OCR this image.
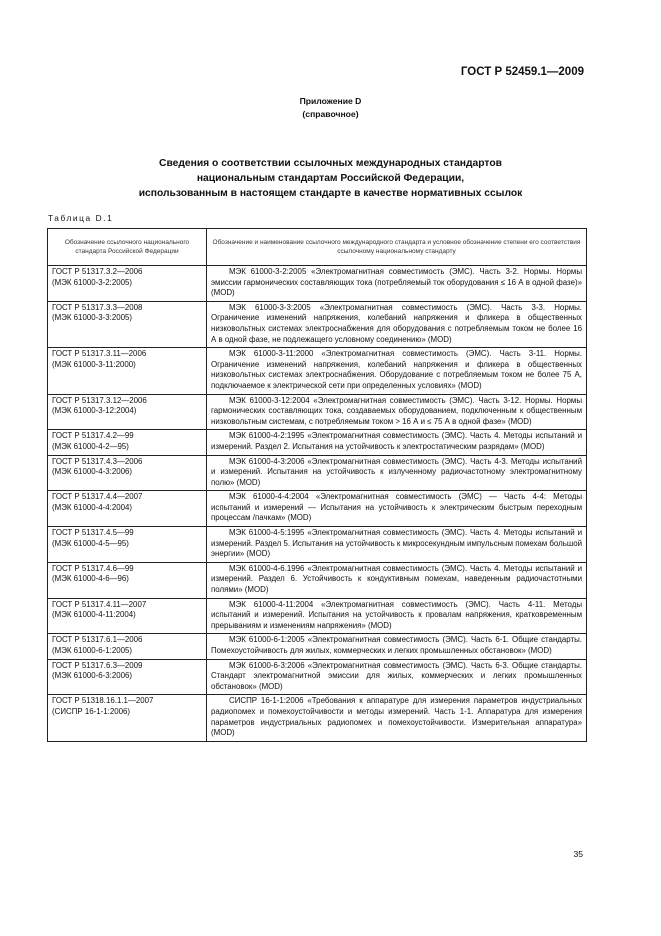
ГОСТ Р 52459.1—2009
Приложение D
(справочное)
Сведения о соответствии ссылочных международных стандартов
национальным стандартам Российской Федерации,
использованным в настоящем стандарте в качестве нормативных ссылок
Таблица D.1
Обозначение ссылочного национального стандарта Российской Федерации	Обозначение и наименование ссылочного международного стандарта и условное обозначение степени его соответствия ссылочному национальному стандарту

ГОСТ Р 51317.3.2—2006
(МЭК 61000-3-2:2005)	МЭК 61000-3-2:2005 «Электромагнитная совместимость (ЭМС). Часть 3-2. Нормы. Нормы эмиссии гармонических составляющих тока (потребляемый ток оборудования ≤ 16 А в одной фазе)» (MOD)

ГОСТ Р 51317.3.3—2008
(МЭК 61000-3-3:2005)	МЭК 61000-3-3:2005 «Электромагнитная совместимость (ЭМС). Часть 3-3. Нормы. Ограничение изменений напряжения, колебаний напряжения и фликера в общественных низковольтных системах электроснабжения для оборудования с потребляемым током не более 16 А в одной фазе, не подлежащего условному соединению» (MOD)

ГОСТ Р 51317.3.11—2006
(МЭК 61000-3-11:2000)	МЭК 61000-3-11:2000 «Электромагнитная совместимость (ЭМС). Часть 3-11. Нормы. Ограничение изменений напряжения, колебаний напряжения и фликера в общественных низковольтных системах электроснабжения. Оборудование с потребляемым током не более 75 А, подключаемое к электрической сети при определенных условиях» (MOD)

ГОСТ Р 51317.3.12—2006
(МЭК 61000-3-12:2004)	МЭК 61000-3-12:2004 «Электромагнитная совместимость (ЭМС). Часть 3-12. Нормы. Нормы гармонических составляющих тока, создаваемых оборудованием, подключенным к общественным низковольтным системам, с потребляемым током > 16 А и ≤ 75 А в одной фазе» (MOD)

ГОСТ Р 51317.4.2—99
(МЭК 61000-4-2—95)	МЭК 61000-4-2:1995 «Электромагнитная совместимость (ЭМС). Часть 4. Методы испытаний и измерений. Раздел 2. Испытания на устойчивость к электростатическим разрядам» (MOD)

ГОСТ Р 51317.4.3—2006
(МЭК 61000-4-3:2006)	МЭК 61000-4-3:2006 «Электромагнитная совместимость (ЭМС). Часть 4-3. Методы испытаний и измерений. Испытания на устойчивость к излученному радиочастотному электромагнитному полю» (MOD)

ГОСТ Р 51317.4.4—2007
(МЭК 61000-4-4:2004)	МЭК 61000-4-4:2004 «Электромагнитная совместимость (ЭМС) — Часть 4-4: Методы испытаний и измерений — Испытания на устойчивость к электрическим быстрым переходным процессам /пачкам» (MOD)

ГОСТ Р 51317.4.5—99
(МЭК 61000-4-5—95)	МЭК 61000-4-5:1995 «Электромагнитная совместимость (ЭМС). Часть 4. Методы испытаний и измерений. Раздел 5. Испытания на устойчивость к микросекундным импульсным помехам большой энергии» (MOD)

ГОСТ Р 51317.4.6—99
(МЭК 61000-4-6—96)	МЭК 61000-4-6.1996 «Электромагнитная совместимость (ЭМС). Часть 4. Методы испытаний и измерений. Раздел 6. Устойчивость к кондуктивным помехам, наведенным радиочастотными полями» (MOD)

ГОСТ Р 51317.4.11—2007
(МЭК 61000-4-11:2004)	МЭК 61000-4-11:2004 «Электромагнитная совместимость (ЭМС). Часть 4-11. Методы испытаний и измерений. Испытания на устойчивость к провалам напряжения, кратковременным прерываниям и изменениям напряжения» (MOD)

ГОСТ Р 51317.6.1—2006
(МЭК 61000-6-1:2005)	МЭК 61000-6-1:2005 «Электромагнитная совместимость (ЭМС). Часть 6-1. Общие стандарты. Помехоустойчивость для жилых, коммерческих и легких промышленных обстановок» (MOD)

ГОСТ Р 51317.6.3—2009
(МЭК 61000-6-3:2006)	МЭК 61000-6-3:2006 «Электромагнитная совместимость (ЭМС). Часть 6-3. Общие стандарты. Стандарт электромагнитной эмиссии для жилых, коммерческих и легких промышленных обстановок» (MOD)

ГОСТ Р 51318.16.1.1—2007
(СИСПР 16-1-1:2006)	СИСПР 16-1-1:2006 «Требования к аппаратуре для измерения параметров индустриальных радиопомех и помехоустойчивости и методы измерений. Часть 1-1. Аппаратура для измерения параметров индустриальных радиопомех и помехоустойчивости. Измерительная аппаратура» (MOD)
35
